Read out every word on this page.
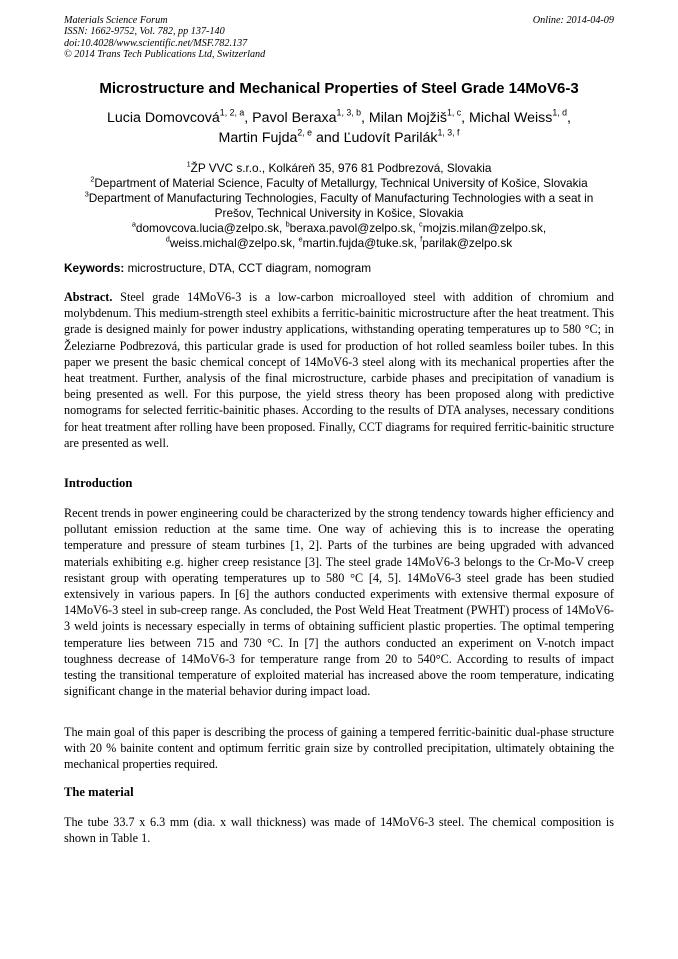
Materials Science Forum
ISSN: 1662-9752, Vol. 782, pp 137-140
doi:10.4028/www.scientific.net/MSF.782.137
© 2014 Trans Tech Publications Ltd, Switzerland
Online: 2014-04-09
Microstructure and Mechanical Properties of Steel Grade 14MoV6-3
Lucia Domovcová$^{1, 2, a}$, Pavol Beraxa$^{1, 3, b}$, Milan Mojžiš$^{1, c}$, Michal Weiss$^{1, d}$,
Martin Fujda$^{2, e}$ and Ľudovít Parilák$^{1, 3, f}$
$^1$ŽP VVC s.r.o., Kolkáreň 35, 976 81 Podbrezová, Slovakia
$^2$Department of Material Science, Faculty of Metallurgy, Technical University of Košice, Slovakia
$^3$Department of Manufacturing Technologies, Faculty of Manufacturing Technologies with a seat in Prešov, Technical University in Košice, Slovakia
$^a$domovcova.lucia@zelpo.sk, $^b$beraxa.pavol@zelpo.sk, $^c$mojzis.milan@zelpo.sk,
$^d$weiss.michal@zelpo.sk, $^e$martin.fujda@tuke.sk, $^f$parilak@zelpo.sk
Keywords: microstructure, DTA, CCT diagram, nomogram

Abstract. Steel grade 14MoV6-3 is a low-carbon microalloyed steel with addition of chromium and molybdenum. This medium-strength steel exhibits a ferritic-bainitic microstructure after the heat treatment. This grade is designed mainly for power industry applications, withstanding operating temperatures up to 580 °C; in Železiarne Podbrezová, this particular grade is used for production of hot rolled seamless boiler tubes. In this paper we present the basic chemical concept of 14MoV6-3 steel along with its mechanical properties after the heat treatment. Further, analysis of the final microstructure, carbide phases and precipitation of vanadium is being presented as well. For this purpose, the yield stress theory has been proposed along with predictive nomograms for selected ferritic-bainitic phases. According to the results of DTA analyses, necessary conditions for heat treatment after rolling have been proposed. Finally, CCT diagrams for required ferritic-bainitic structure are presented as well.

Introduction

Recent trends in power engineering could be characterized by the strong tendency towards higher efficiency and pollutant emission reduction at the same time. One way of achieving this is to increase the operating temperature and pressure of steam turbines [1, 2]. Parts of the turbines are being upgraded with advanced materials exhibiting e.g. higher creep resistance [3]. The steel grade 14MoV6-3 belongs to the Cr-Mo-V creep resistant group with operating temperatures up to 580 °C [4, 5]. 14MoV6-3 steel grade has been studied extensively in various papers. In [6] the authors conducted experiments with extensive thermal exposure of 14MoV6-3 steel in sub-creep range. As concluded, the Post Weld Heat Treatment (PWHT) process of 14MoV6-3 weld joints is necessary especially in terms of obtaining sufficient plastic properties. The optimal tempering temperature lies between 715 and 730 °C. In [7] the authors conducted an experiment on V-notch impact toughness decrease of 14MoV6-3 for temperature range from 20 to 540°C. According to results of impact testing the transitional temperature of exploited material has increased above the room temperature, indicating significant change in the material behavior during impact load.

The main goal of this paper is describing the process of gaining a tempered ferritic-bainitic dual-phase structure with 20 % bainite content and optimum ferritic grain size by controlled precipitation, ultimately obtaining the mechanical properties required.

The material

The tube 33.7 x 6.3 mm (dia. x wall thickness) was made of 14MoV6-3 steel. The chemical composition is shown in Table 1.
